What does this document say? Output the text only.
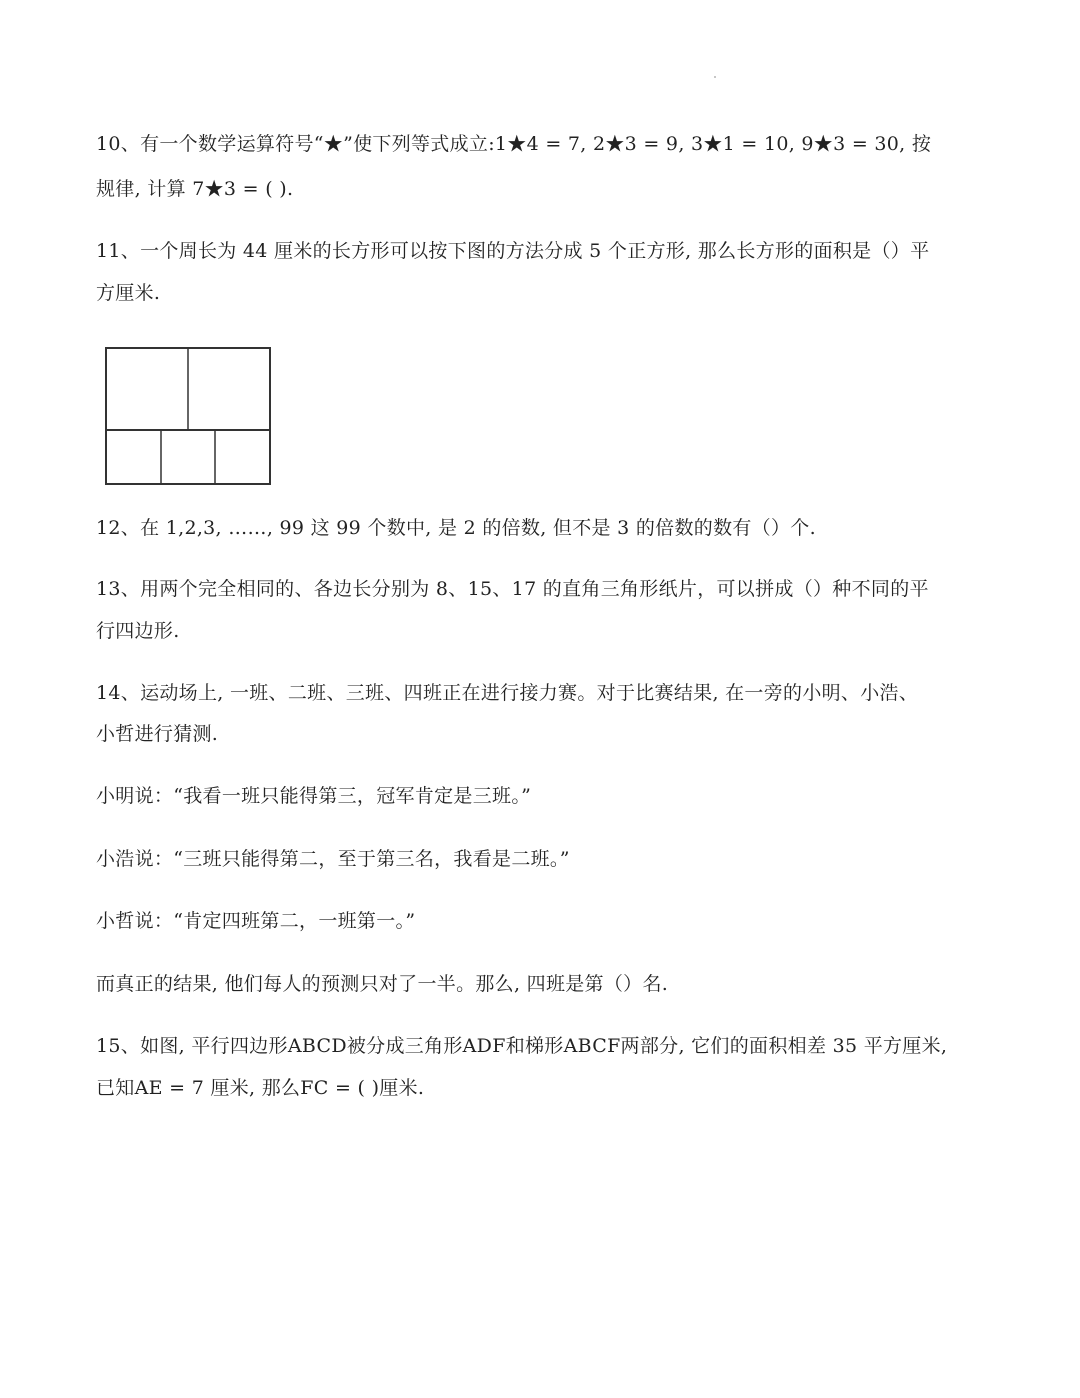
10、有一个数学运算符号“★”使下列等式成立:1★4 = 7, 2★3 = 9, 3★1 = 10, 9★3 = 30, 按
规律, 计算 7★3 = ( ).
11、一个周长为 44 厘米的长方形可以按下图的方法分成 5 个正方形, 那么长方形的面积是（）平
方厘米.
12、在 1,2,3, ……, 99 这 99 个数中, 是 2 的倍数, 但不是 3 的倍数的数有（）个.
13、用两个完全相同的、各边长分别为 8、15、17 的直角三角形纸片，可以拼成（）种不同的平
行四边形.
14、运动场上, 一班、二班、三班、四班正在进行接力赛。对于比赛结果, 在一旁的小明、小浩、
小哲进行猜测.
小明说：“我看一班只能得第三，冠军肯定是三班。”
小浩说：“三班只能得第二，至于第三名，我看是二班。”
小哲说：“肯定四班第二，一班第一。”
而真正的结果, 他们每人的预测只对了一半。那么, 四班是第（）名.
15、如图, 平行四边形ABCD被分成三角形ADF和梯形ABCF两部分, 它们的面积相差 35 平方厘米,
已知AE = 7 厘米, 那么FC = ( )厘米.
